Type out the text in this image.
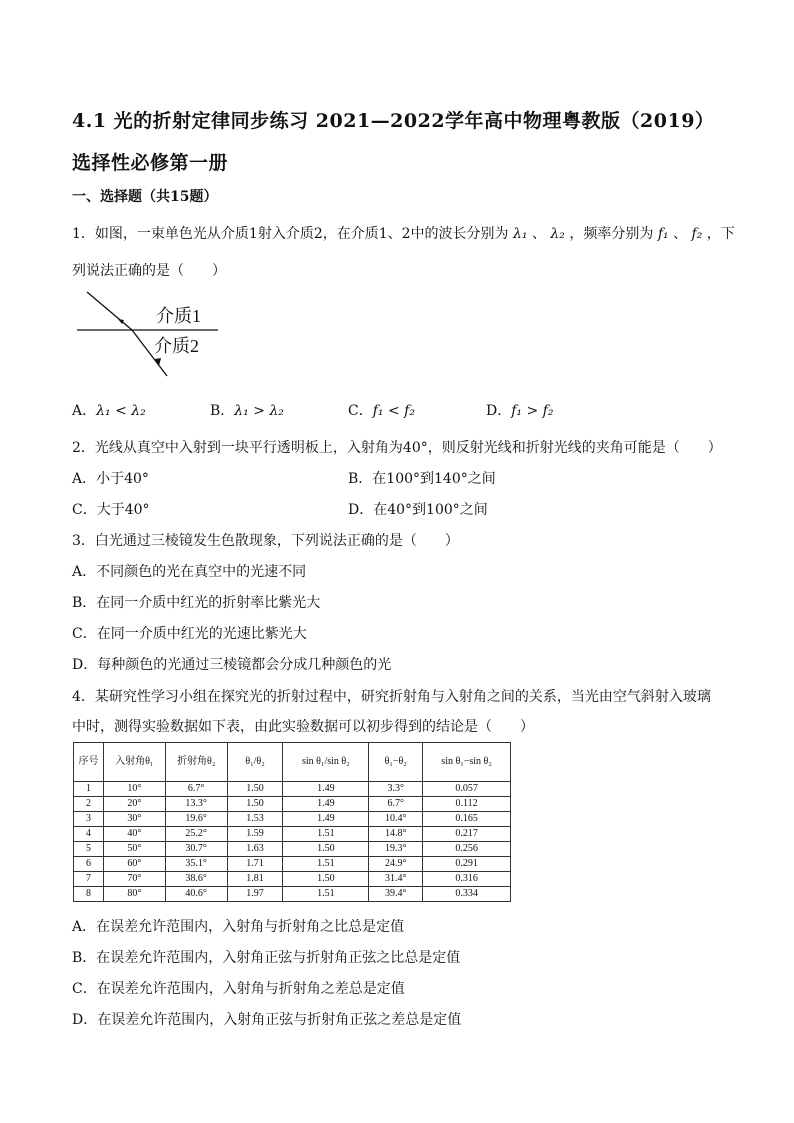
4.1 光的折射定律同步练习 2021—2022学年高中物理粤教版（2019）
选择性必修第一册
一、选择题（共15题）
1．如图，一束单色光从介质1射入介质2，在介质1、2中的波长分别为 λ₁ 、 λ₂ ，频率分别为 f₁ 、 f₂ ，下
列说法正确的是（　　）
介质1
介质2
A．λ₁ < λ₂	B．λ₁ > λ₂	C．f₁ < f₂	D．f₁ > f₂
2．光线从真空中入射到一块平行透明板上，入射角为40°，则反射光线和折射光线的夹角可能是（　　）
A．小于40°	B．在100°到140°之间
C．大于40°	D．在40°到100°之间
3．白光通过三棱镜发生色散现象，下列说法正确的是（　　）
A．不同颜色的光在真空中的光速不同
B．在同一介质中红光的折射率比紫光大
C．在同一介质中红光的光速比紫光大
D．每种颜色的光通过三棱镜都会分成几种颜色的光
4．某研究性学习小组在探究光的折射过程中，研究折射角与入射角之间的关系，当光由空气斜射入玻璃
中时，测得实验数据如下表，由此实验数据可以初步得到的结论是（　　）
序号	入射角θ₁	折射角θ₂	θ₁/θ₂	sin θ₁/sin θ₂	θ₁−θ₂	sin θ₁−sin θ₂
1	10°	6.7°	1.50	1.49	3.3°	0.057
2	20°	13.3°	1.50	1.49	6.7°	0.112
3	30°	19.6°	1.53	1.49	10.4°	0.165
4	40°	25.2°	1.59	1.51	14.8°	0.217
5	50°	30.7°	1.63	1.50	19.3°	0.256
6	60°	35.1°	1.71	1.51	24.9°	0.291
7	70°	38.6°	1.81	1.50	31.4°	0.316
8	80°	40.6°	1.97	1.51	39.4°	0.334
A．在误差允许范围内，入射角与折射角之比总是定值
B．在误差允许范围内，入射角正弦与折射角正弦之比总是定值
C．在误差允许范围内，入射角与折射角之差总是定值
D．在误差允许范围内，入射角正弦与折射角正弦之差总是定值
